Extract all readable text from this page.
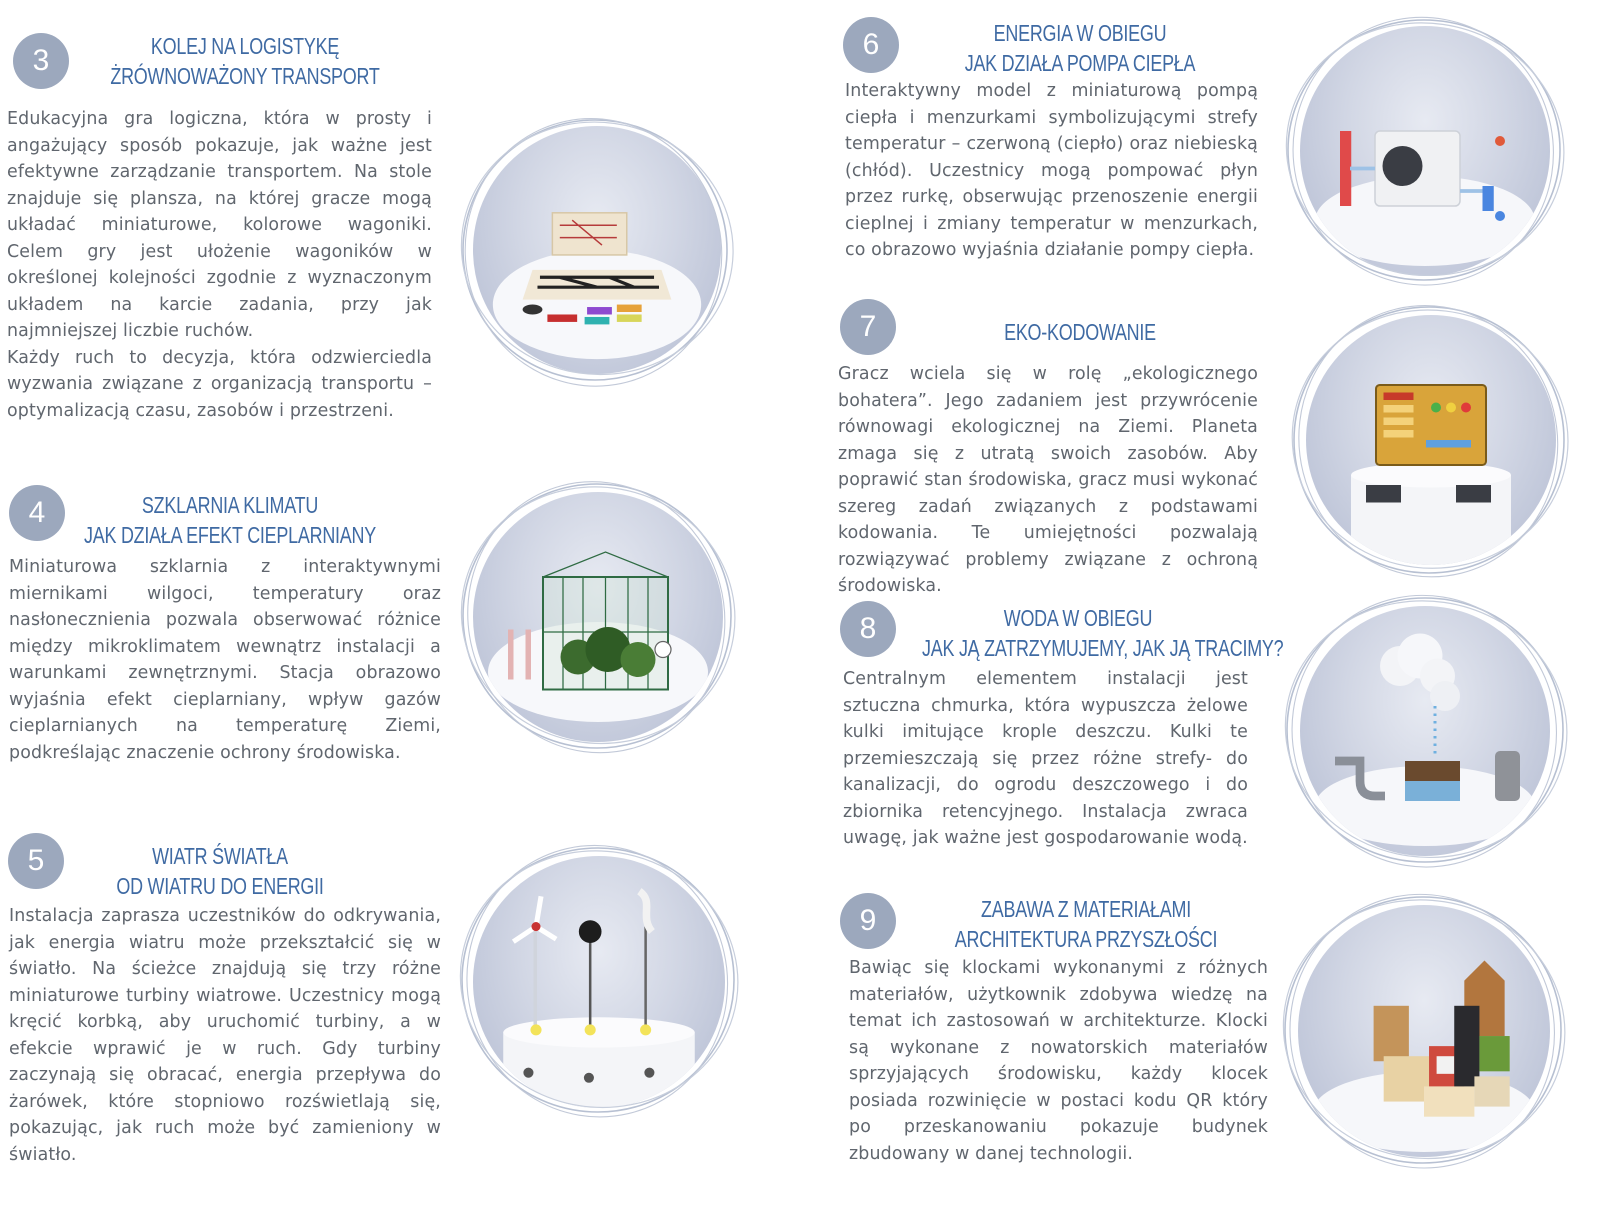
3	KOLEJ NA LOGISTYKĘ
ŻRÓWNOWAŻONY TRANSPORT
Edukacyjna gra logiczna, która w prosty i angażujący sposób pokazuje, jak ważne jest efektywne zarządzanie transportem. Na stole znajduje się plansza, na której gracze mogą układać miniaturowe, kolorowe wagoniki. Celem gry jest ułożenie wagoników w określonej kolejności zgodnie z wyznaczonym układem na karcie zadania, przy jak najmniejszej liczbie ruchów.
Każdy ruch to decyzja, która odzwierciedla wyzwania związane z organizacją transportu – optymalizacją czasu, zasobów i przestrzeni.
4	SZKLARNIA KLIMATU
JAK DZIAŁA EFEKT CIEPLARNIANY
Miniaturowa szklarnia z interaktywnymi miernikami wilgoci, temperatury oraz nasłonecznienia pozwala obserwować różnice między mikroklimatem wewnątrz instalacji a warunkami zewnętrznymi. Stacja obrazowo wyjaśnia efekt cieplarniany, wpływ gazów cieplarnianych na temperaturę Ziemi, podkreślając znaczenie ochrony środowiska.
5	WIATR ŚWIATŁA
OD WIATRU DO ENERGII
Instalacja zaprasza uczestników do odkrywania, jak energia wiatru może przekształcić się w światło. Na ścieżce znajdują się trzy różne miniaturowe turbiny wiatrowe. Uczestnicy mogą kręcić korbką, aby uruchomić turbiny, a w efekcie wprawić je w ruch. Gdy turbiny zaczynają się obracać, energia przepływa do żarówek, które stopniowo rozświetlają się, pokazując, jak ruch może być zamieniony w światło.
6	ENERGIA W OBIEGU
JAK DZIAŁA POMPA CIEPŁA
Interaktywny model z miniaturową pompą ciepła i menzurkami symbolizującymi strefy temperatur – czerwoną (ciepło) oraz niebieską (chłód). Uczestnicy mogą pompować płyn przez rurkę, obserwując przenoszenie energii cieplnej i zmiany temperatur w menzurkach, co obrazowo wyjaśnia działanie pompy ciepła.
7	EKO-KODOWANIE
Gracz wciela się w rolę „ekologicznego bohatera”. Jego zadaniem jest przywrócenie równowagi ekologicznej na Ziemi. Planeta zmaga się z utratą swoich zasobów. Aby poprawić stan środowiska, gracz musi wykonać szereg zadań związanych z podstawami kodowania. Te umiejętności pozwalają rozwiązywać problemy związane z ochroną środowiska.
8	WODA W OBIEGU
JAK JĄ ZATRZYMUJEMY, JAK JĄ TRACIMY?
Centralnym elementem instalacji jest sztuczna chmurka, która wypuszcza żelowe kulki imitujące krople deszczu. Kulki te przemieszczają się przez różne strefy- do kanalizacji, do ogrodu deszczowego i do zbiornika retencyjnego. Instalacja zwraca uwagę, jak ważne jest gospodarowanie wodą.
9	ZABAWA Z MATERIAŁAMI
ARCHITEKTURA PRZYSZŁOŚCI
Bawiąc się klockami wykonanymi z różnych materiałów, użytkownik zdobywa wiedzę na temat ich zastosowań w architekturze. Klocki są wykonane z nowatorskich materiałów sprzyjających środowisku, każdy klocek posiada rozwinięcie w postaci kodu QR który po przeskanowaniu pokazuje budynek zbudowany w danej technologii.
